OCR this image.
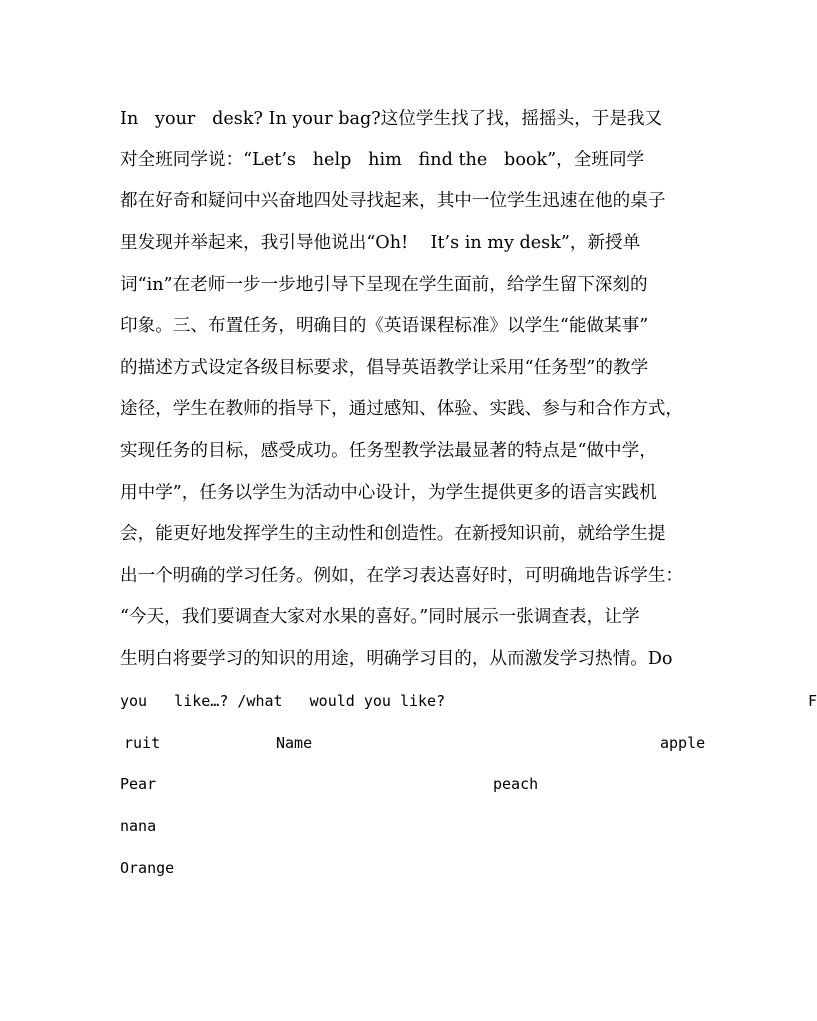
In   your   desk? In your bag?这位学生找了找，摇摇头，于是我又
对全班同学说：“Let’s   help   him   find the   book”，全班同学
都在好奇和疑问中兴奋地四处寻找起来，其中一位学生迅速在他的桌子
里发现并举起来，我引导他说出“Oh!    It’s in my desk”，新授单
词“in”在老师一步一步地引导下呈现在学生面前，给学生留下深刻的
印象。三、布置任务，明确目的《英语课程标准》以学生“能做某事”
的描述方式设定各级目标要求，倡导英语教学让采用“任务型”的教学
途径，学生在教师的指导下，通过感知、体验、实践、参与和合作方式，
实现任务的目标，感受成功。任务型教学法最显著的特点是“做中学，
用中学”，任务以学生为活动中心设计，为学生提供更多的语言实践机
会，能更好地发挥学生的主动性和创造性。在新授知识前，就给学生提
出一个明确的学习任务。例如，在学习表达喜好时，可明确地告诉学生：
“今天，我们要调查大家对水果的喜好。”同时展示一张调查表，让学
生明白将要学习的知识的用途，明确学习目的，从而激发学习热情。Do
you   like…? /what   wo​u​ld you like?	F
ruit	Name	apple
Pear	peach
nana
Orange
